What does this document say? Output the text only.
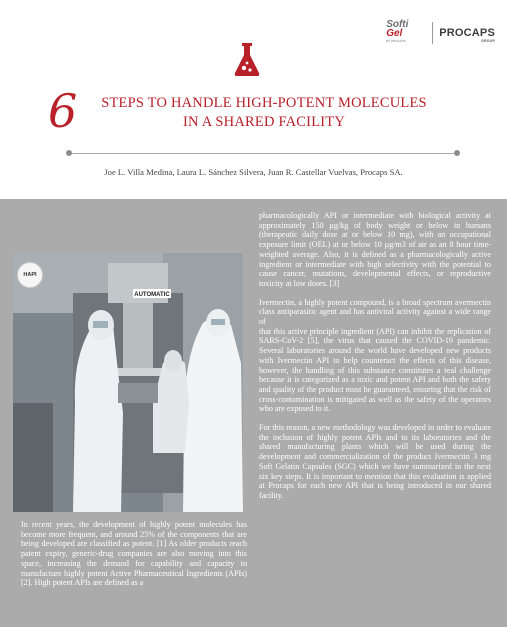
Softi
Gel
BY PROCAPS
PROCAPS
GROUP
6	STEPS TO HANDLE HIGH-POTENT MOLECULES
IN A SHARED FACILITY
Joe L. Villa Medina, Laura L. Sánchez Silvera, Juan R. Castellar Vuelvas, Procaps SA.
AUTOMATIC
HAPI

In recent years, the development of highly potent molecules has become more frequent, and around 25% of the components that are being developed are classified as potent. [1] As older products reach patent expiry, generic-drug companies are also moving into this space, increasing the demand for capability and capacity to manufacture highly potent Active Pharmaceutical Ingredients (APIs)[2]. High potent APIs are defined as a

pharmacologically API or intermediate with biological activity at approximately 150 µg/kg of body weight or below in humans (therapeutic daily dose at or below 10 mg), with an occupational exposure limit (OEL) at or below 10 µg/m3 of air as an 8 hour time-weighted average. Also, it is defined as a pharmacologically active ingredient or intermediate with high selectivity with the potential to cause cancer, mutations, developmental effects, or reproductive toxicity at low doses. [3]

Ivermectin, a highly potent compound, is a broad spectrum avermectin class antiparasitic agent and has antiviral activity against a wide range of
that this active principle ingredient (API) can inhibit the replication of SARS-CoV-2 [5], the virus that caused the COVID-19 pandemic. Several laboratories around the world have developed new products with Ivermectin API to help counteract the effects of this disease, however, the handling of this substance constitutes a real challenge because it is categorized as a toxic and potent API and both the safety and quality of the product must be guaranteed, ensuring that the risk of cross-contamination is mitigated as well as the safety of the operators who are exposed to it.

For this reason, a new methodology was developed in order to evaluate the inclusion of highly potent APIs and to its laboratories and the shared manufacturing plants which will be used during the development and commercialization of the product Ivermectin 3 mg Soft Gelatin Capsules (SGC) which we have summarized in the next six key steps. It is important to mention that this evaluation is applied at Procaps for each new API that is being introduced in our shared facility.
